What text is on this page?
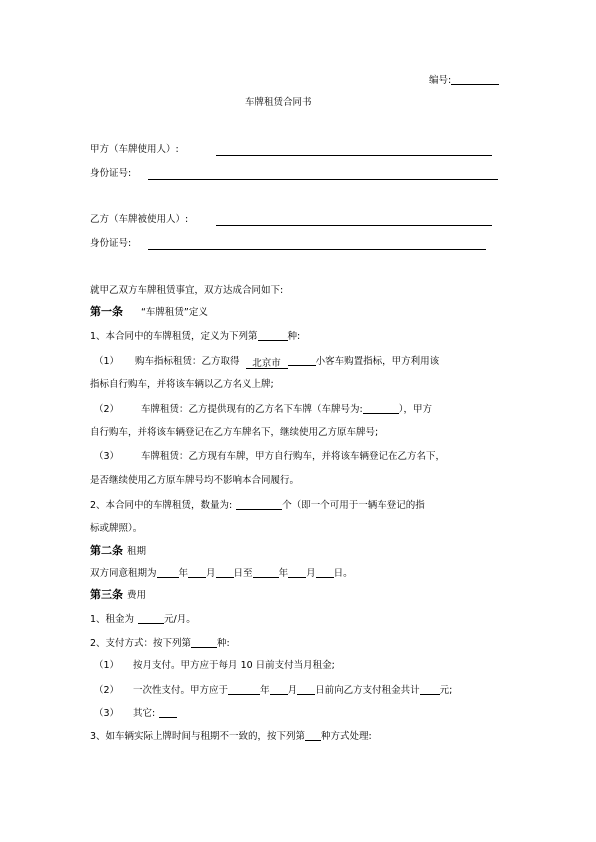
编号:
车牌租赁合同书
甲方（车牌使用人）:
身份证号:
乙方（车牌被使用人）:
身份证号:
就甲乙双方车牌租赁事宜，双方达成合同如下:
第一条 “车牌租赁”定义
1、本合同中的车牌租赁，定义为下列第	种:
（1） 购车指标租赁：乙方取得 北京市	小客车购置指标，甲方利用该
指标自行购车，并将该车辆以乙方名义上牌;
（2） 车牌租赁：乙方提供现有的乙方名下车牌（车牌号为:	），甲方
自行购车，并将该车辆登记在乙方车牌名下，继续使用乙方原车牌号;
（3） 车牌租赁：乙方现有车牌，甲方自行购车，并将该车辆登记在乙方名下，
是否继续使用乙方原车牌号均不影响本合同履行。
2、本合同中的车牌租赁，数量为:	个（即一个可用于一辆车登记的指
标或牌照）。
第二条 租期
双方同意租期为 年 月 日至	年 月 日。
第三条 费用
1、租金为	元/月。
2、支付方式：按下列第	种:
（1） 按月支付。甲方应于每月 10 日前支付当月租金;
（2） 一次性支付。甲方应于	年 月 日前向乙方支付租金共计 元;
（3） 其它:
3、如车辆实际上牌时间与租期不一致的，按下列第 种方式处理:
